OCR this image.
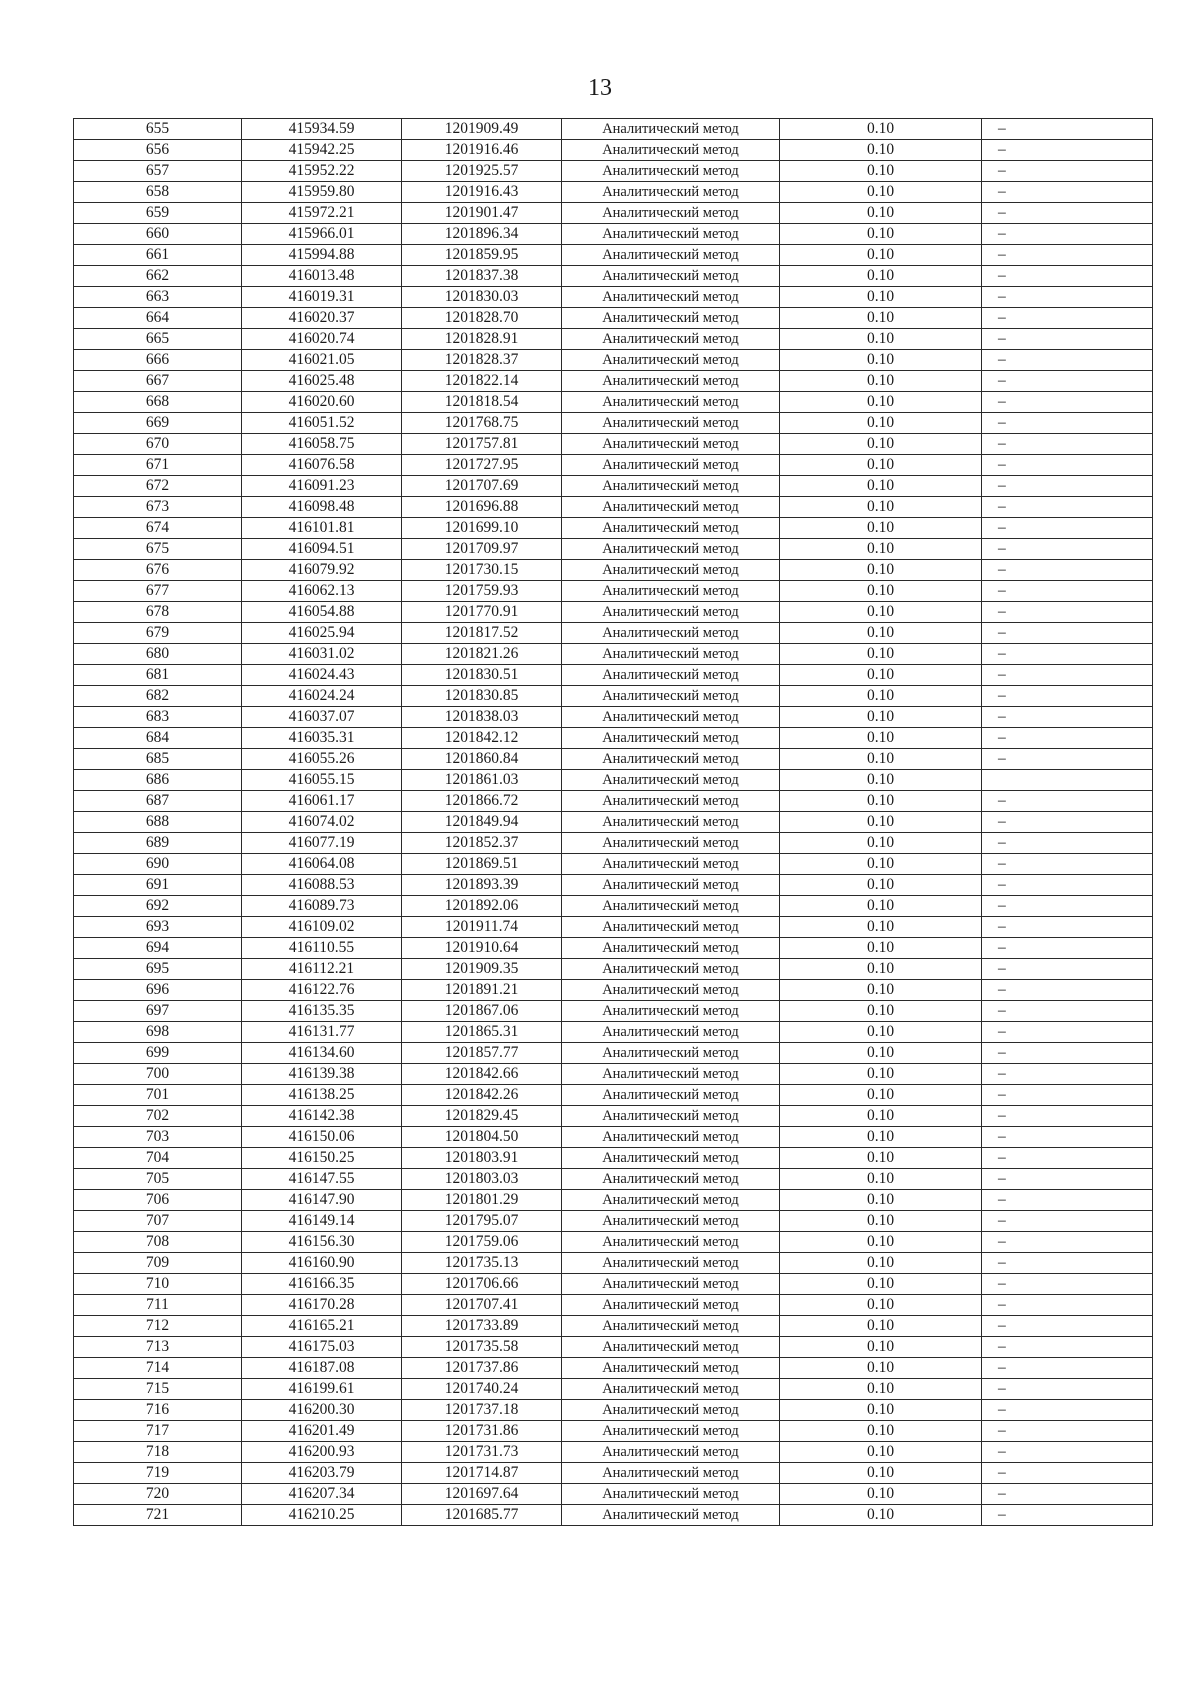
13
655	415934.59	1201909.49	Аналитический метод	0.10	–
656	415942.25	1201916.46	Аналитический метод	0.10	–
657	415952.22	1201925.57	Аналитический метод	0.10	–
658	415959.80	1201916.43	Аналитический метод	0.10	–
659	415972.21	1201901.47	Аналитический метод	0.10	–
660	415966.01	1201896.34	Аналитический метод	0.10	–
661	415994.88	1201859.95	Аналитический метод	0.10	–
662	416013.48	1201837.38	Аналитический метод	0.10	–
663	416019.31	1201830.03	Аналитический метод	0.10	–
664	416020.37	1201828.70	Аналитический метод	0.10	–
665	416020.74	1201828.91	Аналитический метод	0.10	–
666	416021.05	1201828.37	Аналитический метод	0.10	–
667	416025.48	1201822.14	Аналитический метод	0.10	–
668	416020.60	1201818.54	Аналитический метод	0.10	–
669	416051.52	1201768.75	Аналитический метод	0.10	–
670	416058.75	1201757.81	Аналитический метод	0.10	–
671	416076.58	1201727.95	Аналитический метод	0.10	–
672	416091.23	1201707.69	Аналитический метод	0.10	–
673	416098.48	1201696.88	Аналитический метод	0.10	–
674	416101.81	1201699.10	Аналитический метод	0.10	–
675	416094.51	1201709.97	Аналитический метод	0.10	–
676	416079.92	1201730.15	Аналитический метод	0.10	–
677	416062.13	1201759.93	Аналитический метод	0.10	–
678	416054.88	1201770.91	Аналитический метод	0.10	–
679	416025.94	1201817.52	Аналитический метод	0.10	–
680	416031.02	1201821.26	Аналитический метод	0.10	–
681	416024.43	1201830.51	Аналитический метод	0.10	–
682	416024.24	1201830.85	Аналитический метод	0.10	–
683	416037.07	1201838.03	Аналитический метод	0.10	–
684	416035.31	1201842.12	Аналитический метод	0.10	–
685	416055.26	1201860.84	Аналитический метод	0.10	–
686	416055.15	1201861.03	Аналитический метод	0.10	
687	416061.17	1201866.72	Аналитический метод	0.10	–
688	416074.02	1201849.94	Аналитический метод	0.10	–
689	416077.19	1201852.37	Аналитический метод	0.10	–
690	416064.08	1201869.51	Аналитический метод	0.10	–
691	416088.53	1201893.39	Аналитический метод	0.10	–
692	416089.73	1201892.06	Аналитический метод	0.10	–
693	416109.02	1201911.74	Аналитический метод	0.10	–
694	416110.55	1201910.64	Аналитический метод	0.10	–
695	416112.21	1201909.35	Аналитический метод	0.10	–
696	416122.76	1201891.21	Аналитический метод	0.10	–
697	416135.35	1201867.06	Аналитический метод	0.10	–
698	416131.77	1201865.31	Аналитический метод	0.10	–
699	416134.60	1201857.77	Аналитический метод	0.10	–
700	416139.38	1201842.66	Аналитический метод	0.10	–
701	416138.25	1201842.26	Аналитический метод	0.10	–
702	416142.38	1201829.45	Аналитический метод	0.10	–
703	416150.06	1201804.50	Аналитический метод	0.10	–
704	416150.25	1201803.91	Аналитический метод	0.10	–
705	416147.55	1201803.03	Аналитический метод	0.10	–
706	416147.90	1201801.29	Аналитический метод	0.10	–
707	416149.14	1201795.07	Аналитический метод	0.10	–
708	416156.30	1201759.06	Аналитический метод	0.10	–
709	416160.90	1201735.13	Аналитический метод	0.10	–
710	416166.35	1201706.66	Аналитический метод	0.10	–
711	416170.28	1201707.41	Аналитический метод	0.10	–
712	416165.21	1201733.89	Аналитический метод	0.10	–
713	416175.03	1201735.58	Аналитический метод	0.10	–
714	416187.08	1201737.86	Аналитический метод	0.10	–
715	416199.61	1201740.24	Аналитический метод	0.10	–
716	416200.30	1201737.18	Аналитический метод	0.10	–
717	416201.49	1201731.86	Аналитический метод	0.10	–
718	416200.93	1201731.73	Аналитический метод	0.10	–
719	416203.79	1201714.87	Аналитический метод	0.10	–
720	416207.34	1201697.64	Аналитический метод	0.10	–
721	416210.25	1201685.77	Аналитический метод	0.10	–
